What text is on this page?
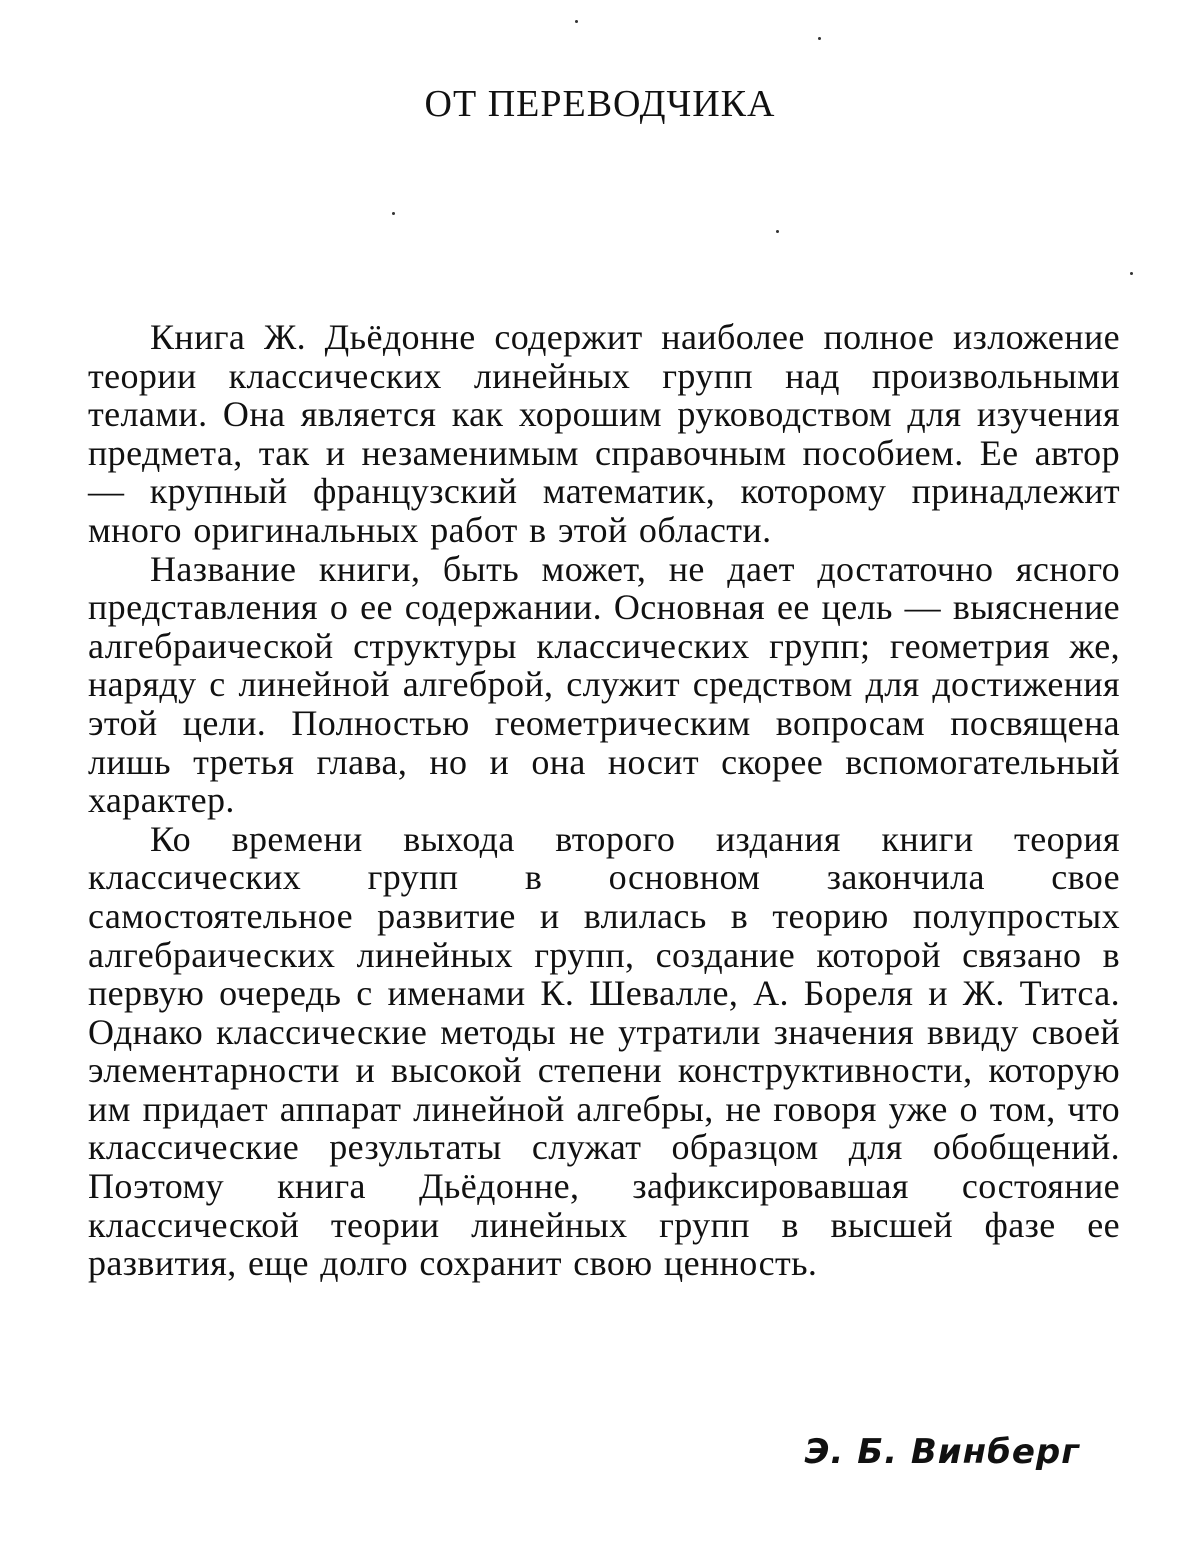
ОТ ПЕРЕВОДЧИКА

Книга Ж. Дьёдонне содержит наиболее полное изложение теории классических линейных групп над произвольными телами. Она является как хорошим руководством для изучения предмета, так и незаменимым справочным пособием. Ее автор — крупный французский математик, которому принадлежит много оригинальных работ в этой области.

Название книги, быть может, не дает достаточно ясного представления о ее содержании. Основная ее цель — выяснение алгебраической структуры классических групп; геометрия же, наряду с линейной алгеброй, служит средством для достижения этой цели. Полностью геометрическим вопросам посвящена лишь третья глава, но и она носит скорее вспомогательный характер.

Ко времени выхода второго издания книги теория классических групп в основном закончила свое самостоятельное развитие и влилась в теорию полупростых алгебраических линейных групп, создание которой связано в первую очередь с именами К. Шевалле, А. Бореля и Ж. Титса. Однако классические методы не утратили значения ввиду своей элементарности и высокой степени конструктивности, которую им придает аппарат линейной алгебры, не говоря уже о том, что классические результаты служат образцом для обобщений. Поэтому книга Дьёдонне, зафиксировавшая состояние классической теории линейных групп в высшей фазе ее развития, еще долго сохранит свою ценность.

Э. Б. Винберг
